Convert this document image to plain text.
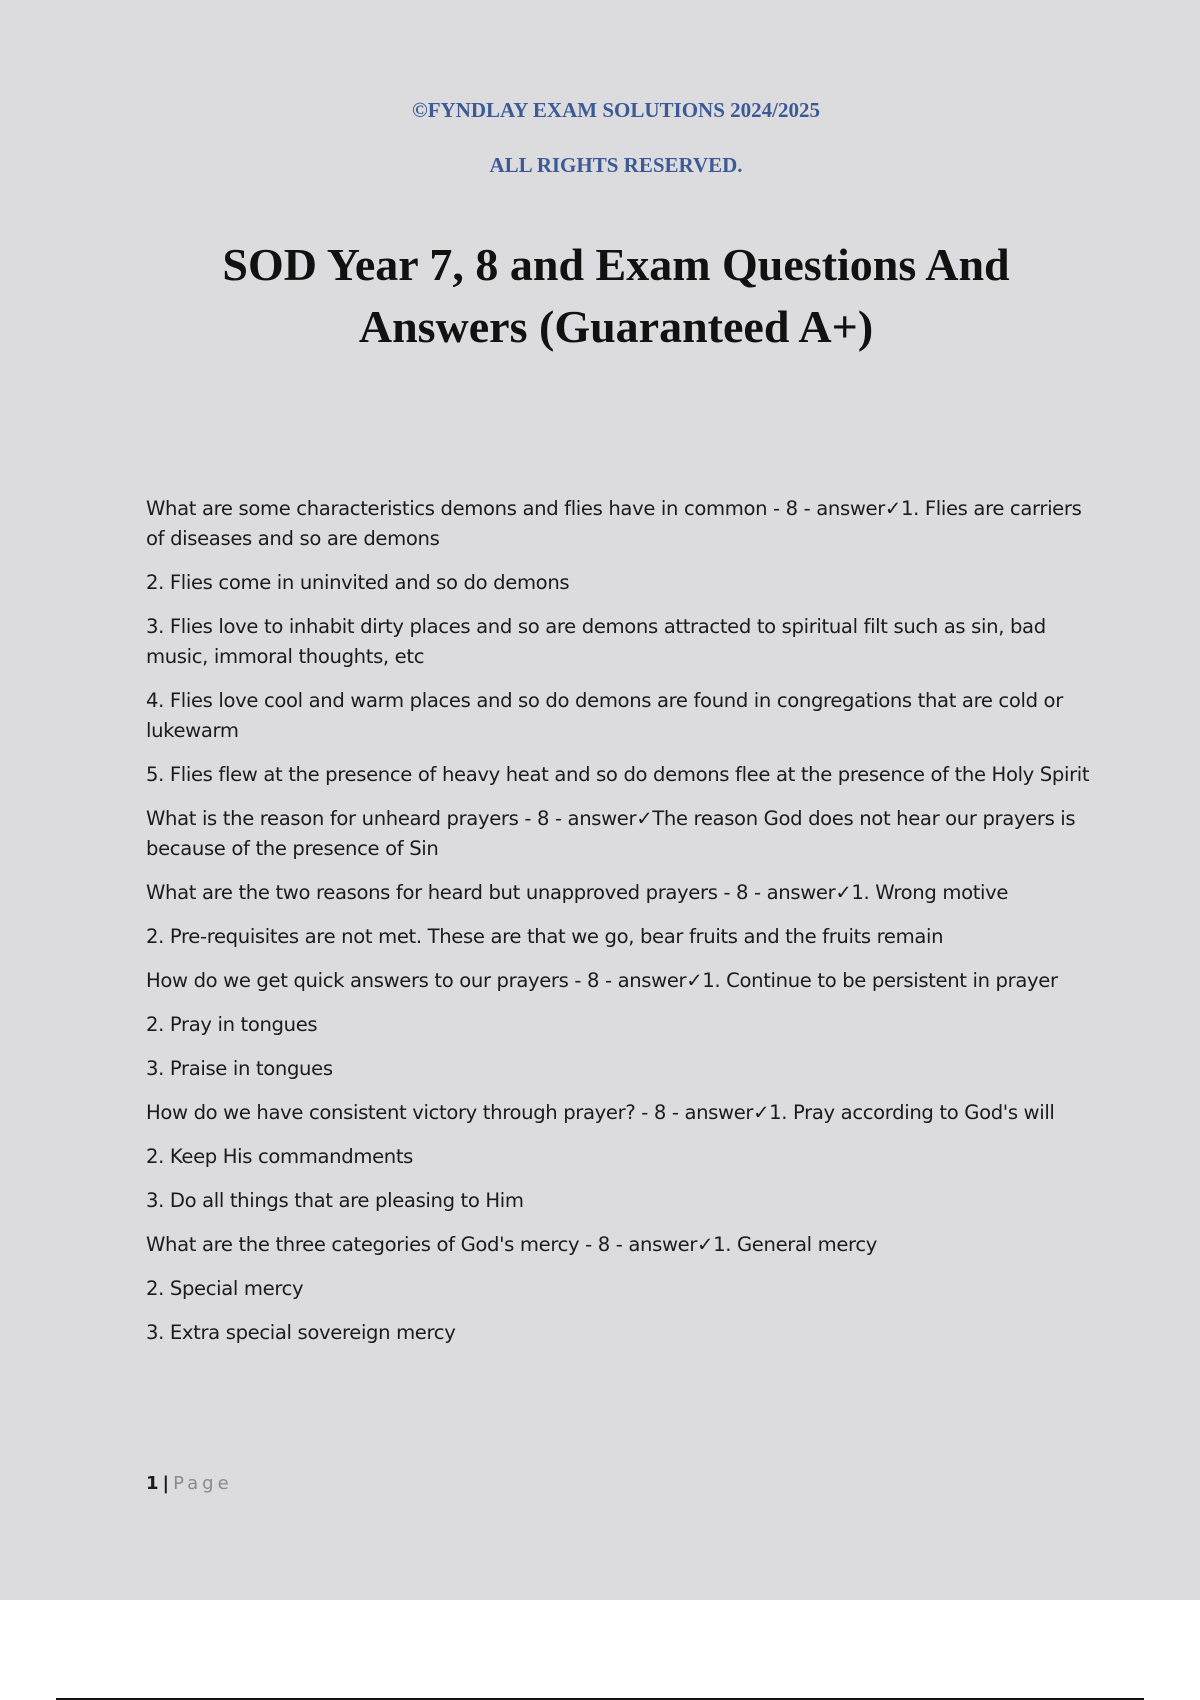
©FYNDLAY EXAM SOLUTIONS 2024/2025
ALL RIGHTS RESERVED.
SOD Year 7, 8 and Exam Questions And
Answers (Guaranteed A+)

What are some characteristics demons and flies have in common - 8 - answer✓1. Flies are carriers of diseases and so are demons

2. Flies come in uninvited and so do demons

3. Flies love to inhabit dirty places and so are demons attracted to spiritual filt such as sin, bad music, immoral thoughts, etc

4. Flies love cool and warm places and so do demons are found in congregations that are cold or lukewarm

5. Flies flew at the presence of heavy heat and so do demons flee at the presence of the Holy Spirit

What is the reason for unheard prayers - 8 - answer✓The reason God does not hear our prayers is because of the presence of Sin

What are the two reasons for heard but unapproved prayers - 8 - answer✓1. Wrong motive

2. Pre-requisites are not met. These are that we go, bear fruits and the fruits remain

How do we get quick answers to our prayers - 8 - answer✓1. Continue to be persistent in prayer

2. Pray in tongues

3. Praise in tongues

How do we have consistent victory through prayer? - 8 - answer✓1. Pray according to God's will

2. Keep His commandments

3. Do all things that are pleasing to Him

What are the three categories of God's mercy - 8 - answer✓1. General mercy

2. Special mercy

3. Extra special sovereign mercy

1 | Page
